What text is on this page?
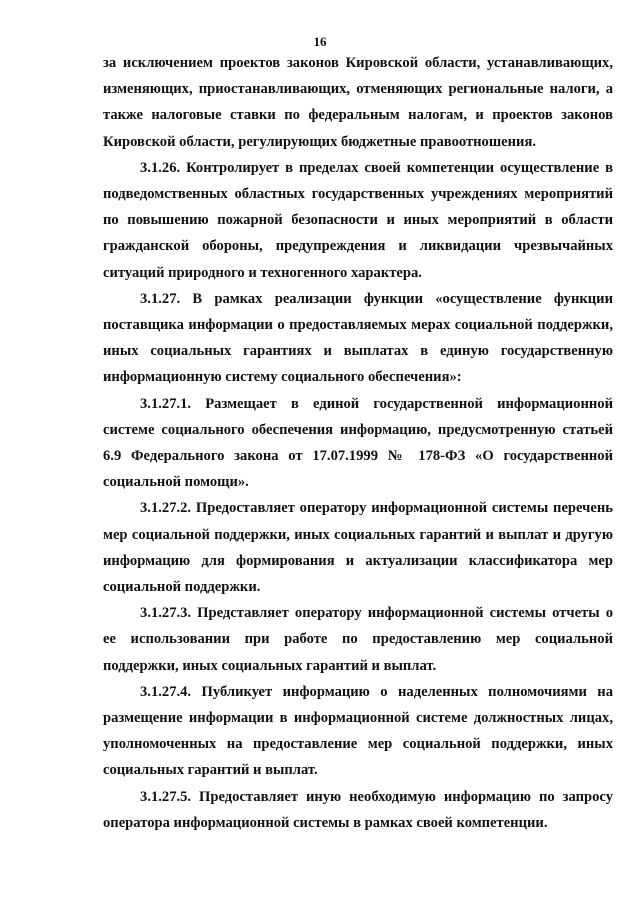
16

за исключением проектов законов Кировской области, устанавливающих, изменяющих, приостанавливающих, отменяющих региональные налоги, а также налоговые ставки по федеральным налогам, и проектов законов Кировской области, регулирующих бюджетные правоотношения.

3.1.26. Контролирует в пределах своей компетенции осуществление в подведомственных областных государственных учреждениях мероприятий по повышению пожарной безопасности и иных мероприятий в области гражданской обороны, предупреждения и ликвидации чрезвычайных ситуаций природного и техногенного характера.

3.1.27. В рамках реализации функции «осуществление функции поставщика информации о предоставляемых мерах социальной поддержки, иных социальных гарантиях и выплатах в единую государственную информационную систему социального обеспечения»:

3.1.27.1. Размещает в единой государственной информационной системе социального обеспечения информацию, предусмотренную статьей 6.9 Федерального закона от 17.07.1999 № 178-ФЗ «О государственной социальной помощи».

3.1.27.2. Предоставляет оператору информационной системы перечень мер социальной поддержки, иных социальных гарантий и выплат и другую информацию для формирования и актуализации классификатора мер социальной поддержки.

3.1.27.3. Представляет оператору информационной системы отчеты о ее использовании при работе по предоставлению мер социальной поддержки, иных социальных гарантий и выплат.

3.1.27.4. Публикует информацию о наделенных полномочиями на размещение информации в информационной системе должностных лицах, уполномоченных на предоставление мер социальной поддержки, иных социальных гарантий и выплат.

3.1.27.5. Предоставляет иную необходимую информацию по запросу оператора информационной системы в рамках своей компетенции.
